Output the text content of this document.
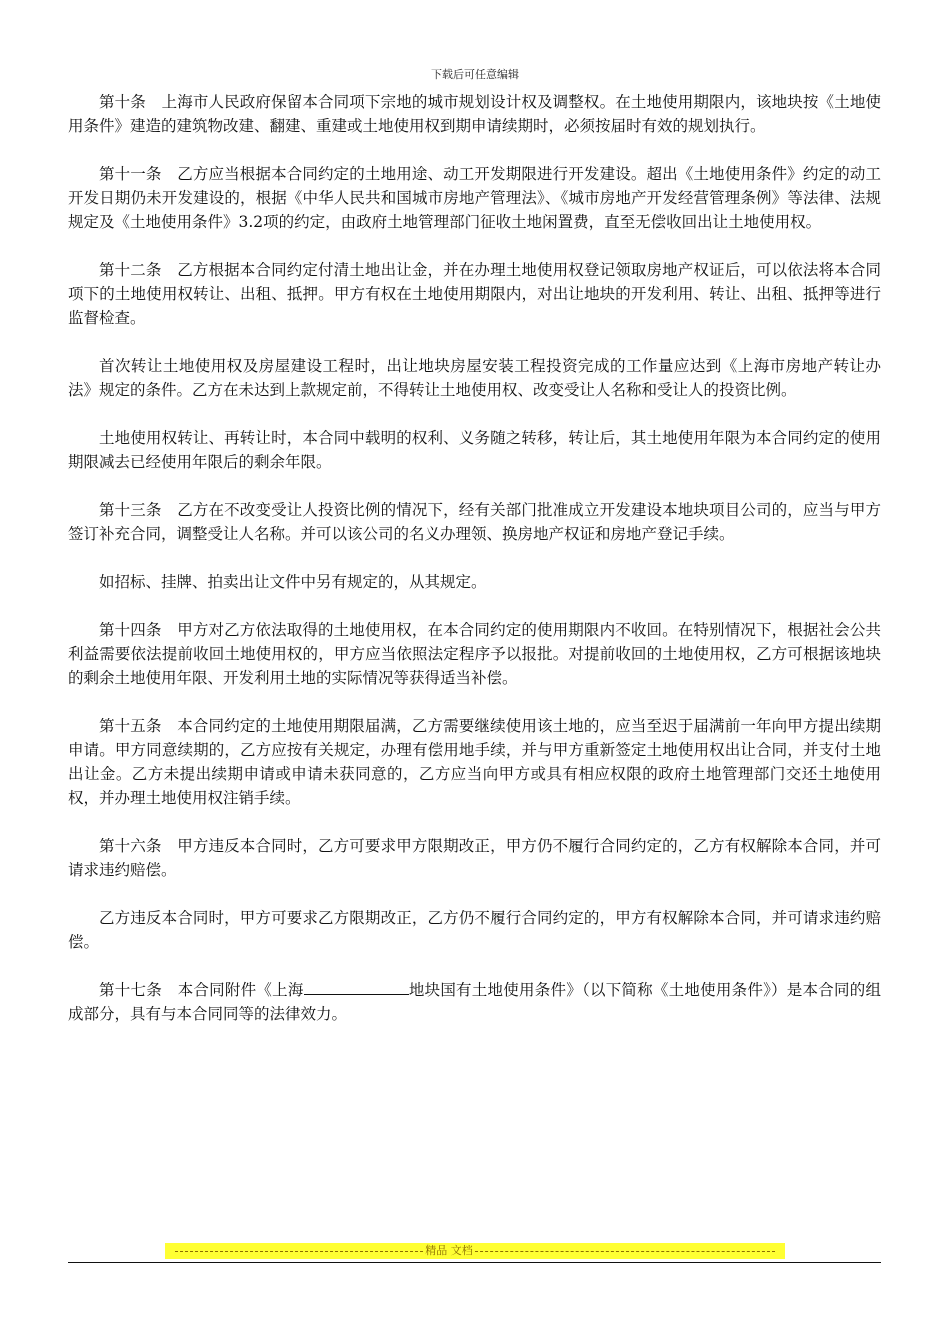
下载后可任意编辑

第十条　上海市人民政府保留本合同项下宗地的城市规划设计权及调整权。在土地使用期限内，该地块按《土地使用条件》建造的建筑物改建、翻建、重建或土地使用权到期申请续期时，必须按届时有效的规划执行。

第十一条　乙方应当根据本合同约定的土地用途、动工开发期限进行开发建设。超出《土地使用条件》约定的动工开发日期仍未开发建设的，根据《中华人民共和国城市房地产管理法》、《城市房地产开发经营管理条例》等法律、法规规定及《土地使用条件》3.2项的约定，由政府土地管理部门征收土地闲置费，直至无偿收回出让土地使用权。

第十二条　乙方根据本合同约定付清土地出让金，并在办理土地使用权登记领取房地产权证后，可以依法将本合同项下的土地使用权转让、出租、抵押。甲方有权在土地使用期限内，对出让地块的开发利用、转让、出租、抵押等进行监督检查。

首次转让土地使用权及房屋建设工程时，出让地块房屋安装工程投资完成的工作量应达到《上海市房地产转让办法》规定的条件。乙方在未达到上款规定前，不得转让土地使用权、改变受让人名称和受让人的投资比例。

土地使用权转让、再转让时，本合同中载明的权利、义务随之转移，转让后，其土地使用年限为本合同约定的使用期限减去已经使用年限后的剩余年限。

第十三条　乙方在不改变受让人投资比例的情况下，经有关部门批准成立开发建设本地块项目公司的，应当与甲方签订补充合同，调整受让人名称。并可以该公司的名义办理领、换房地产权证和房地产登记手续。

如招标、挂牌、拍卖出让文件中另有规定的，从其规定。

第十四条　甲方对乙方依法取得的土地使用权，在本合同约定的使用期限内不收回。在特别情况下，根据社会公共利益需要依法提前收回土地使用权的，甲方应当依照法定程序予以报批。对提前收回的土地使用权，乙方可根据该地块的剩余土地使用年限、开发利用土地的实际情况等获得适当补偿。

第十五条　本合同约定的土地使用期限届满，乙方需要继续使用该土地的，应当至迟于届满前一年向甲方提出续期申请。甲方同意续期的，乙方应按有关规定，办理有偿用地手续，并与甲方重新签定土地使用权出让合同，并支付土地出让金。乙方未提出续期申请或申请未获同意的，乙方应当向甲方或具有相应权限的政府土地管理部门交还土地使用权，并办理土地使用权注销手续。

第十六条　甲方违反本合同时，乙方可要求甲方限期改正，甲方仍不履行合同约定的，乙方有权解除本合同，并可请求违约赔偿。

乙方违反本合同时，甲方可要求乙方限期改正，乙方仍不履行合同约定的，甲方有权解除本合同，并可请求违约赔偿。

第十七条　本合同附件《上海	地块国有土地使用条件》（以下简称《土地使用条件》）是本合同的组成部分，具有与本合同同等的法律效力。

精品 文档
